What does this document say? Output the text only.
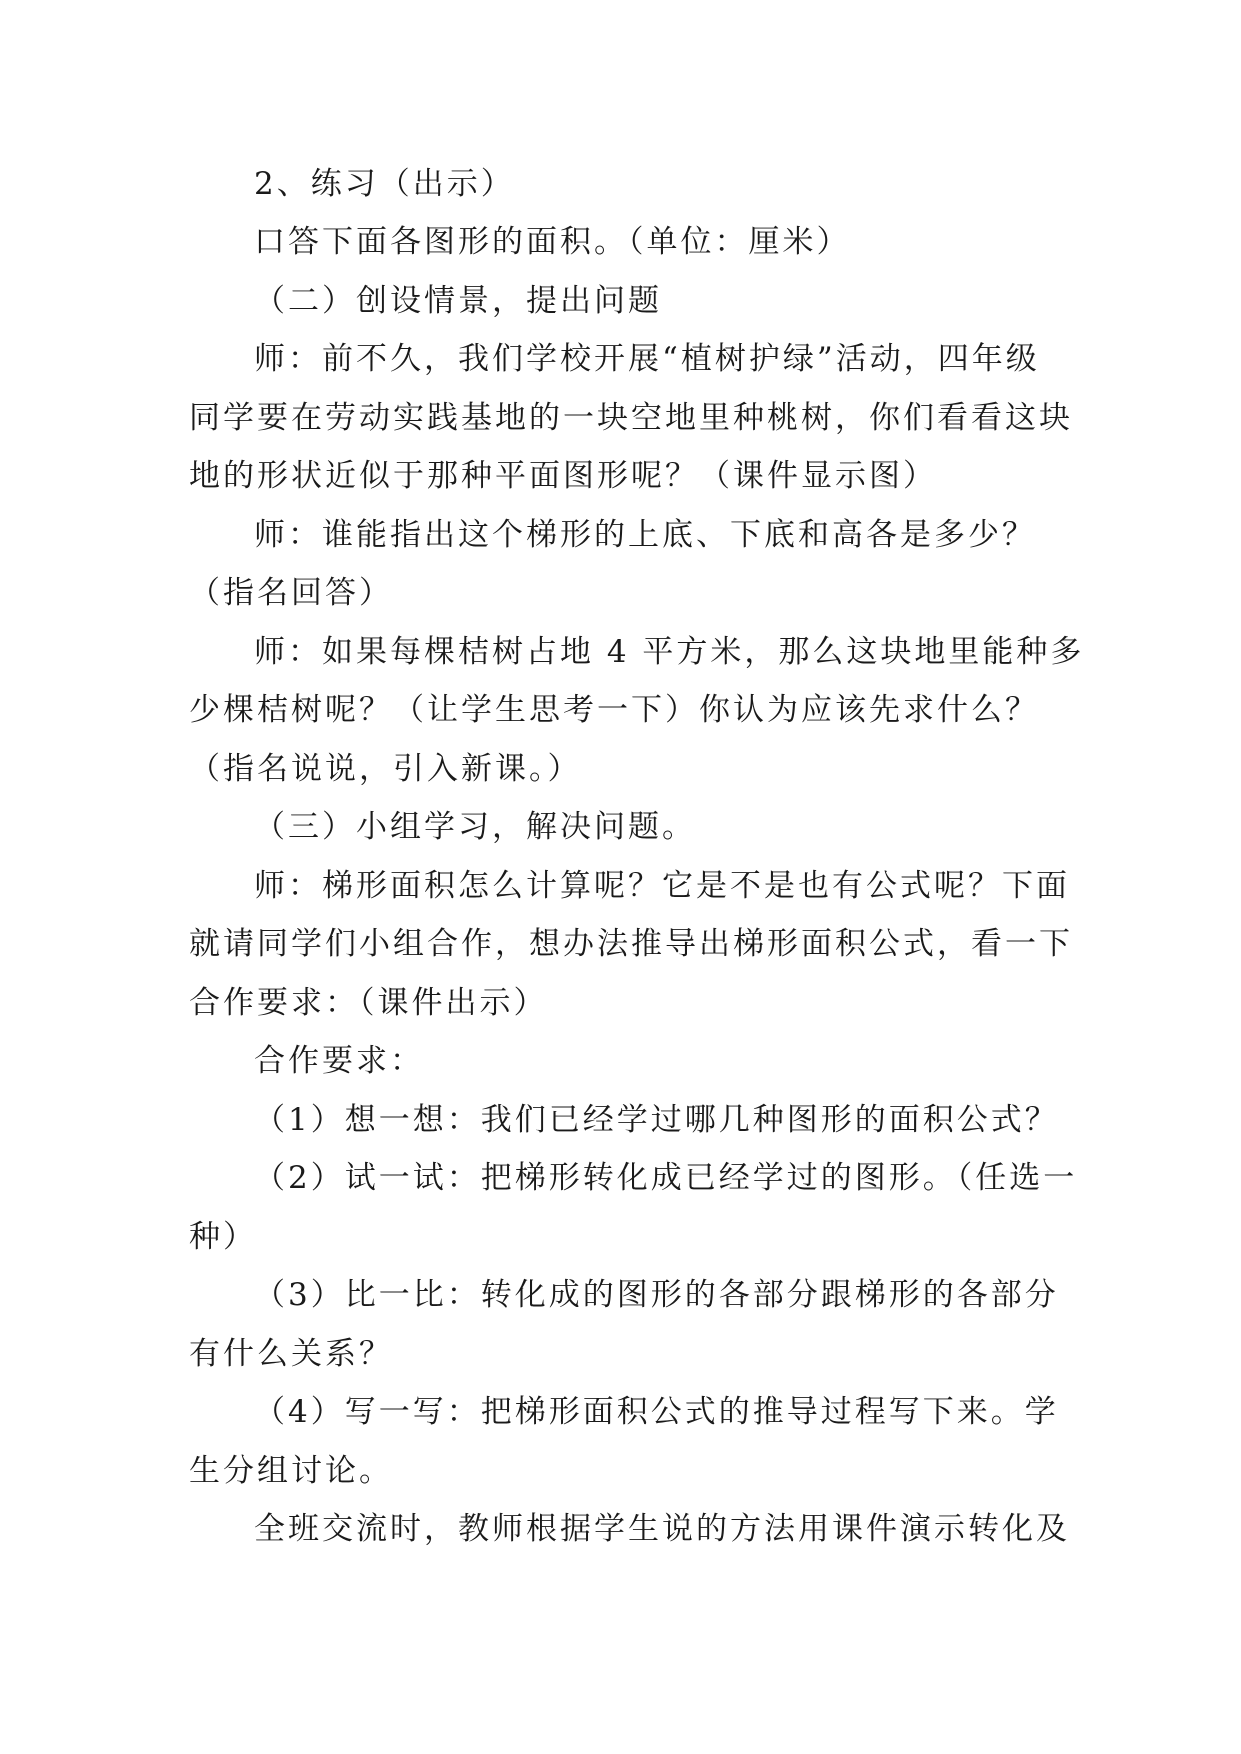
2、练习（出示）
口答下面各图形的面积。（单位：厘米）
（二）创设情景，提出问题
师：前不久，我们学校开展“植树护绿”活动，四年级
同学要在劳动实践基地的一块空地里种桃树，你们看看这块
地的形状近似于那种平面图形呢？（课件显示图）
师：谁能指出这个梯形的上底、下底和高各是多少？
（指名回答）
师：如果每棵桔树占地 4 平方米，那么这块地里能种多
少棵桔树呢？（让学生思考一下）你认为应该先求什么？
（指名说说，引入新课。）
（三）小组学习，解决问题。
师：梯形面积怎么计算呢？它是不是也有公式呢？下面
就请同学们小组合作，想办法推导出梯形面积公式，看一下
合作要求：（课件出示）
合作要求：
（1）想一想：我们已经学过哪几种图形的面积公式？
（2）试一试：把梯形转化成已经学过的图形。（任选一
种）
（3）比一比：转化成的图形的各部分跟梯形的各部分
有什么关系？
（4）写一写：把梯形面积公式的推导过程写下来。学
生分组讨论。
全班交流时，教师根据学生说的方法用课件演示转化及
